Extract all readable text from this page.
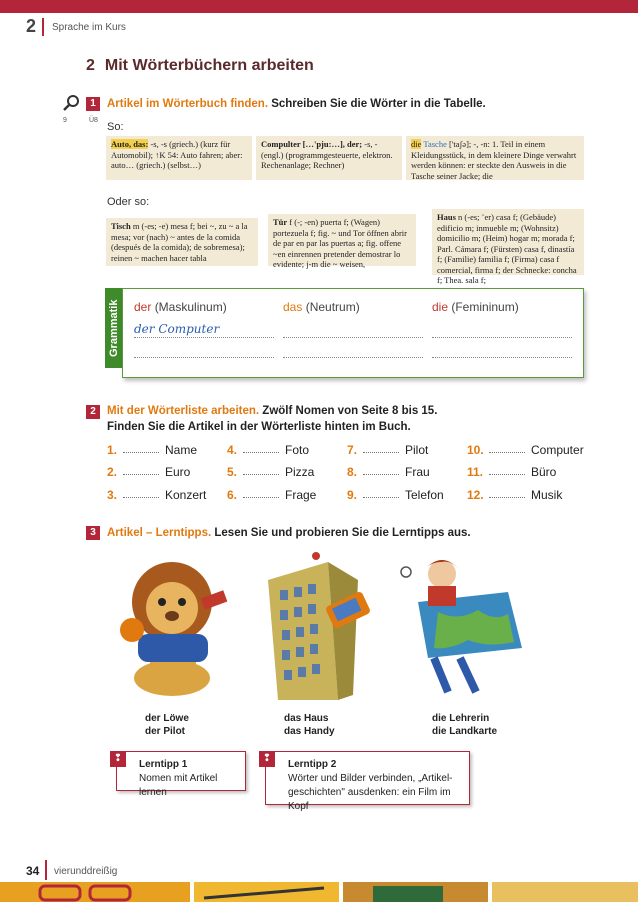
2 Sprache im Kurs
2 Mit Wörterbüchern arbeiten
9	Ü8
1 Artikel im Wörterbuch finden. Schreiben Sie die Wörter in die Tabelle.
So:
Auto, das: -s, -s (griech.) (kurz für Automobil); ↑K 54: Auto fahren; aber: auto… (griech.) (selbst…)
Compulter […'pju:…], der; -s, - (engl.) (programmgesteuerte, elektron. Rechenanlage; Rechner)
die Tasche ['taʃə]; -, -n: 1. Teil in einem Kleidungsstück, in dem kleinere Dinge verwahrt werden können: er steckte den Ausweis in die Tasche seiner Jacke; die
Oder so:
Tisch m (-es; -e) mesa f; bei ~, zu ~ a la mesa; vor (nach) ~ antes de la comida (después de la comida); de sobremesa); reinen ~ machen hacer tabla
Tür f (-; -en) puerta f; (Wagen) portezuela f; fig. ~ und Tor öffnen abrir de par en par las puertas a; fig. offene ~en einrennen pretender demostrar lo evidente; j-m die ~ weisen,
Haus n (-es; ¨er) casa f; (Gebäude) edificio m; inmueble m; (Wohnsitz) domicilio m; (Heim) hogar m; morada f; Parl. Cámara f; (Fürsten) casa f, dinastía f; (Familie) familia f; (Firma) casa f comercial, firma f; der Schnecke: concha f; Thea. sala f;
Grammatik der (Maskulinum)	das (Neutrum)	die (Femininum)
der Computer
2 Mit der Wörterliste arbeiten. Zwölf Nomen von Seite 8 bis 15.
Finden Sie die Artikel in der Wörterliste hinten im Buch.
1.	Name 4.	Foto	7.	Pilot	10.	Computer
2.	Euro	5.	Pizza	8.	Frau	11.	Büro
3.	Konzert 6.	Frage	9.	Telefon 12.	Musik
3 Artikel – Lerntipps. Lesen Sie und probieren Sie die Lerntipps aus.
der Löwe
der Pilot
das Haus
das Handy
die Lehrerin
die Landkarte
❢
Lerntipp 1
Nomen mit Artikel lernen
❢
Lerntipp 2
Wörter und Bilder verbinden, „Artikel-
geschichten" ausdenken: ein Film im Kopf
34 vierunddreißig
